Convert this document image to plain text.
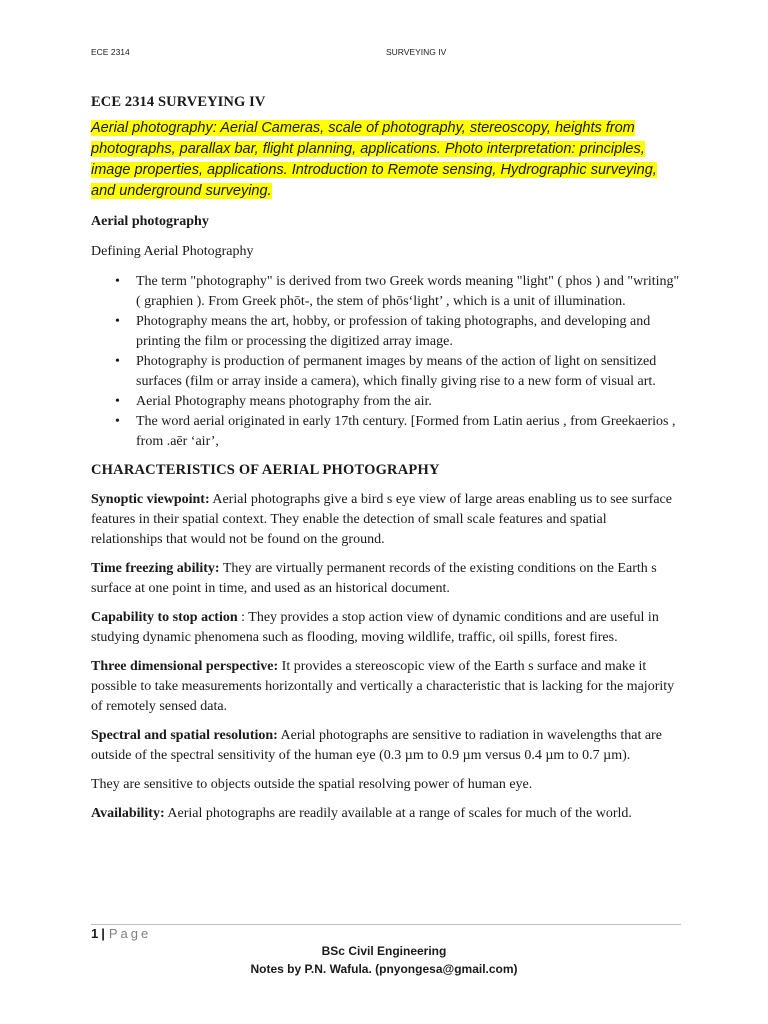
ECE 2314	SURVEYING IV
ECE 2314 SURVEYING IV

Aerial photography: Aerial Cameras, scale of photography, stereoscopy, heights from photographs, parallax bar, flight planning, applications. Photo interpretation: principles, image properties, applications. Introduction to Remote sensing, Hydrographic surveying, and underground surveying.

Aerial photography
Defining Aerial Photography
• The term "photography" is derived from two Greek words meaning "light" ( phos ) and "writing" ( graphien ). From Greek phōt-, the stem of phōs‘light’ , which is a unit of illumination.
• Photography means the art, hobby, or profession of taking photographs, and developing and printing the film or processing the digitized array image.
• Photography is production of permanent images by means of the action of light on sensitized surfaces (film or array inside a camera), which finally giving rise to a new form of visual art.
• Aerial Photography means photography from the air.
• The word aerial originated in early 17th century. [Formed from Latin aerius , from Greekaerios , from .aēr ‘air’,
CHARACTERISTICS OF AERIAL PHOTOGRAPHY

Synoptic viewpoint: Aerial photographs give a bird s eye view of large areas enabling us to see surface features in their spatial context. They enable the detection of small scale features and spatial relationships that would not be found on the ground.

Time freezing ability: They are virtually permanent records of the existing conditions on the Earth s surface at one point in time, and used as an historical document.

Capability to stop action : They provides a stop action view of dynamic conditions and are useful in studying dynamic phenomena such as flooding, moving wildlife, traffic, oil spills, forest fires.

Three dimensional perspective: It provides a stereoscopic view of the Earth s surface and make it possible to take measurements horizontally and vertically a characteristic that is lacking for the majority of remotely sensed data.

Spectral and spatial resolution: Aerial photographs are sensitive to radiation in wavelengths that are outside of the spectral sensitivity of the human eye (0.3 µm to 0.9 µm versus 0.4 µm to 0.7 µm).

They are sensitive to objects outside the spatial resolving power of human eye.

Availability: Aerial photographs are readily available at a range of scales for much of the world.

1 | Page
BSc Civil Engineering
Notes by P.N. Wafula. (pnyongesa@gmail.com)
